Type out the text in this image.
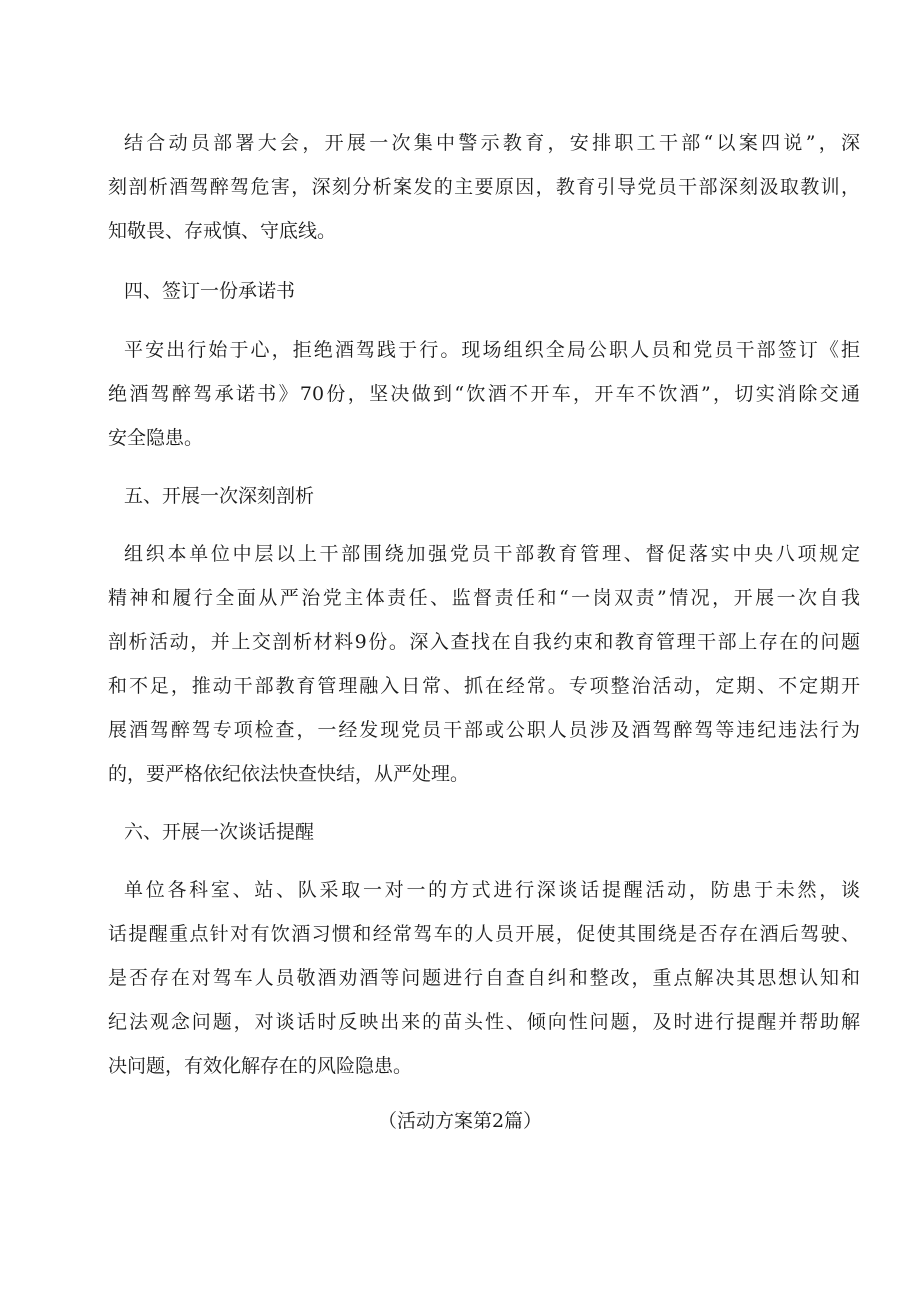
结合动员部署大会，开展一次集中警示教育，安排职工干部“以案四说”，深
刻剖析酒驾醉驾危害，深刻分析案发的主要原因，教育引导党员干部深刻汲取教训，
知敬畏、存戒慎、守底线。
四、签订一份承诺书
平安出行始于心，拒绝酒驾践于行。现场组织全局公职人员和党员干部签订《拒
绝酒驾醉驾承诺书》70份，坚决做到“饮酒不开车，开车不饮酒”，切实消除交通
安全隐患。
五、开展一次深刻剖析
组织本单位中层以上干部围绕加强党员干部教育管理、督促落实中央八项规定
精神和履行全面从严治党主体责任、监督责任和“一岗双责”情况，开展一次自我
剖析活动，并上交剖析材料9份。深入查找在自我约束和教育管理干部上存在的问题
和不足，推动干部教育管理融入日常、抓在经常。专项整治活动，定期、不定期开
展酒驾醉驾专项检查，一经发现党员干部或公职人员涉及酒驾醉驾等违纪违法行为
的，要严格依纪依法快查快结，从严处理。
六、开展一次谈话提醒
单位各科室、站、队采取一对一的方式进行深谈话提醒活动，防患于未然，谈
话提醒重点针对有饮酒习惯和经常驾车的人员开展，促使其围绕是否存在酒后驾驶、
是否存在对驾车人员敬酒劝酒等问题进行自查自纠和整改，重点解决其思想认知和
纪法观念问题，对谈话时反映出来的苗头性、倾向性问题，及时进行提醒并帮助解
决问题，有效化解存在的风险隐患。
（活动方案第2篇）
